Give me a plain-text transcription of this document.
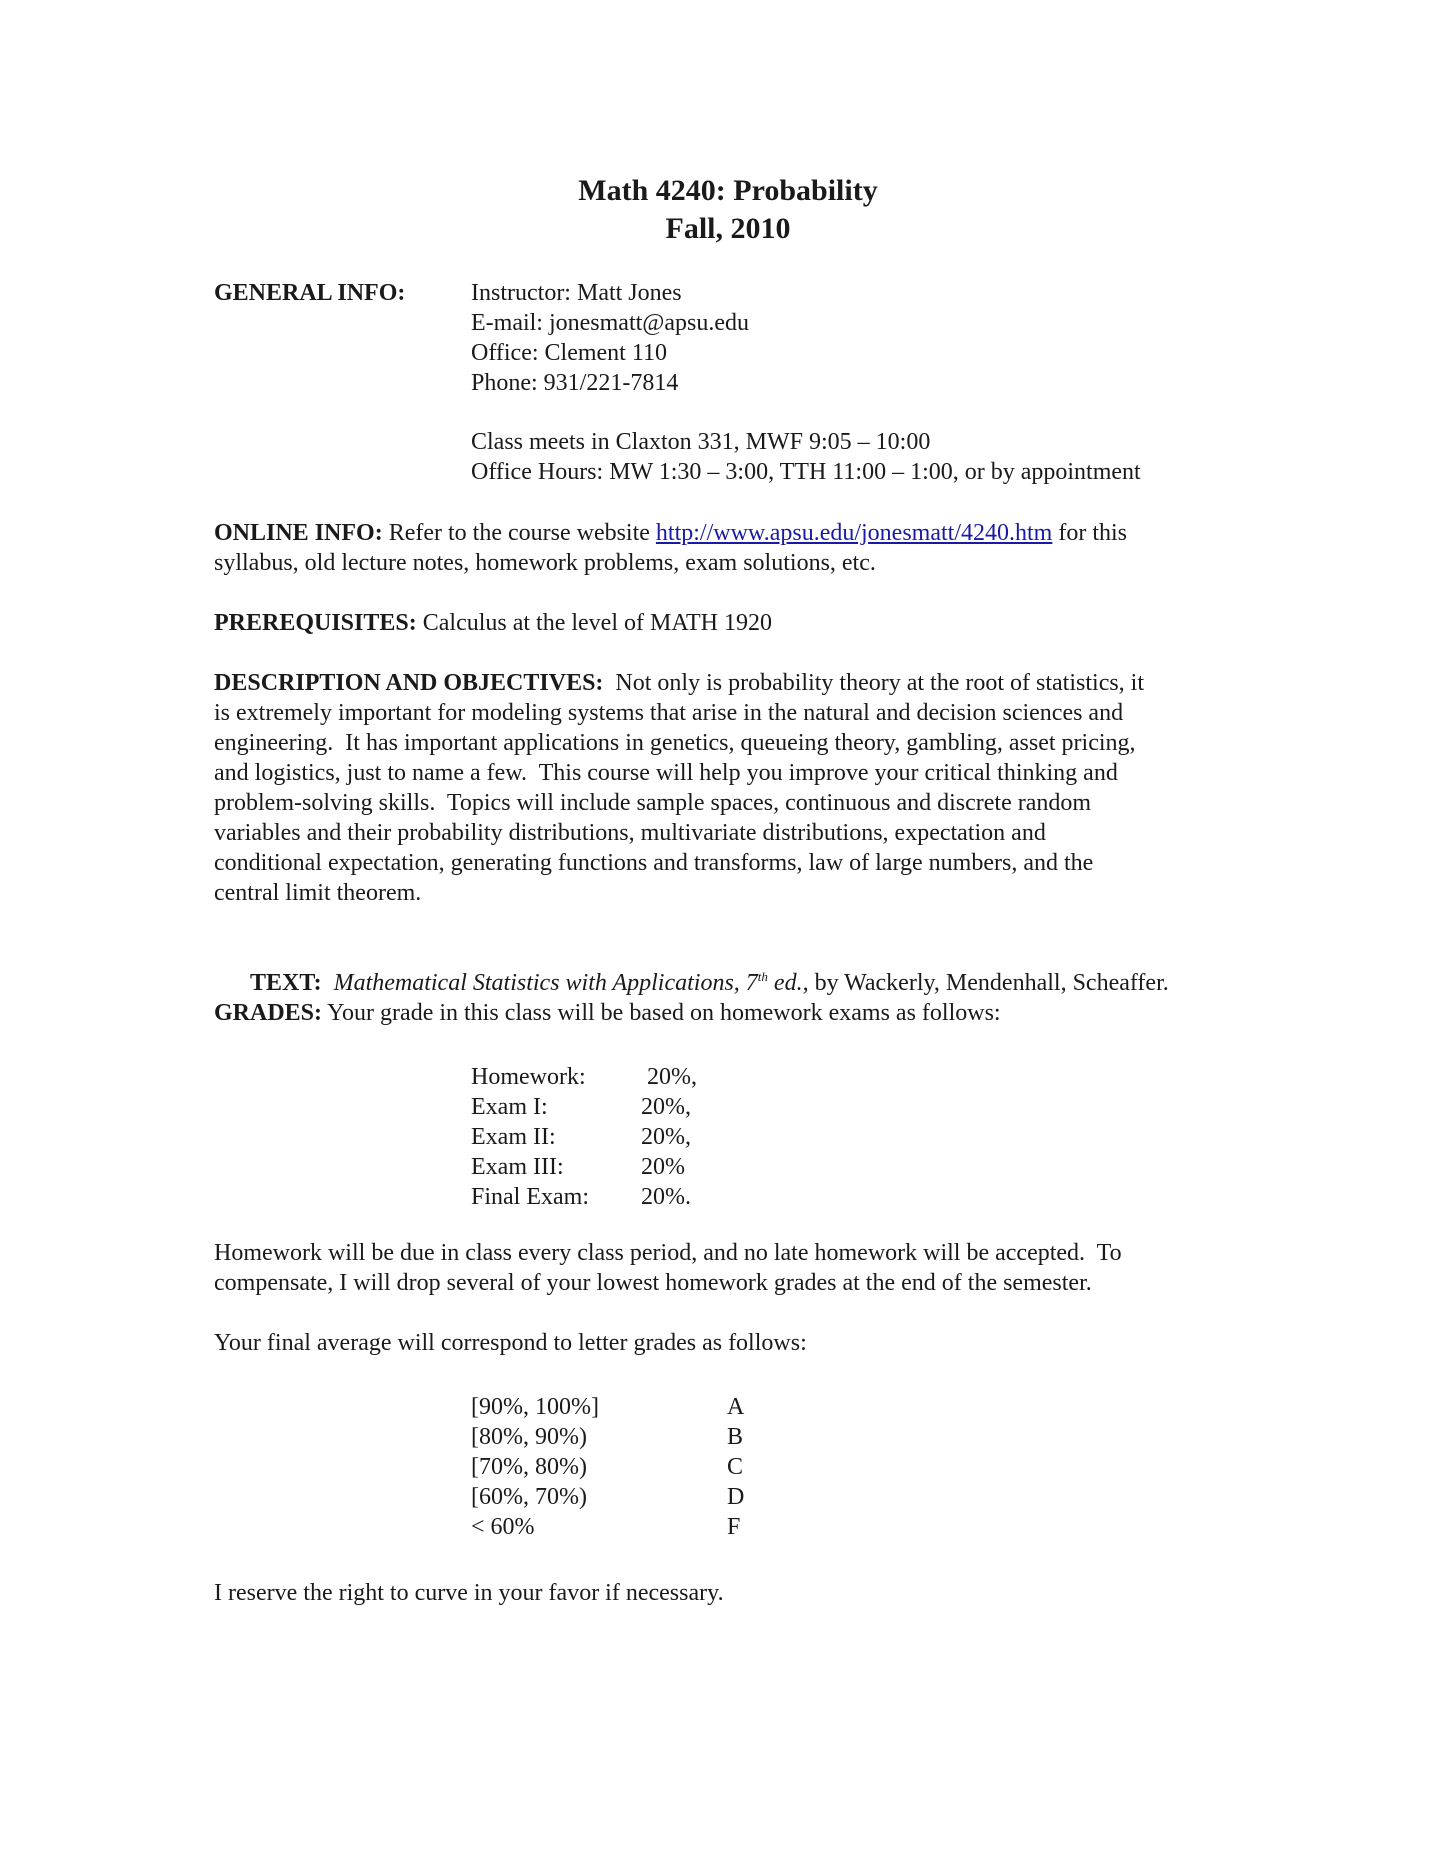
Math 4240: Probability
Fall, 2010
GENERAL INFO:	Instructor: Matt Jones
E-mail: jonesmatt@apsu.edu
Office: Clement 110
Phone: 931/221-7814
Class meets in Claxton 331, MWF 9:05 – 10:00
Office Hours: MW 1:30 – 3:00, TTH 11:00 – 1:00, or by appointment
ONLINE INFO: Refer to the course website http://www.apsu.edu/jonesmatt/4240.htm for this
syllabus, old lecture notes, homework problems, exam solutions, etc.
PREREQUISITES: Calculus at the level of MATH 1920
DESCRIPTION AND OBJECTIVES:  Not only is probability theory at the root of statistics, it
is extremely important for modeling systems that arise in the natural and decision sciences and
engineering.  It has important applications in genetics, queueing theory, gambling, asset pricing,
and logistics, just to name a few.  This course will help you improve your critical thinking and
problem-solving skills.  Topics will include sample spaces, continuous and discrete random
variables and their probability distributions, multivariate distributions, expectation and
conditional expectation, generating functions and transforms, law of large numbers, and the
central limit theorem.

TEXT: Mathematical Statistics with Applications, 7th ed., by Wackerly, Mendenhall, Scheaffer.

GRADES: Your grade in this class will be based on homework exams as follows:
Homework: 20%,
Exam I:	20%,
Exam II:	20%,
Exam III:	20%
Final Exam: 20%.
Homework will be due in class every class period, and no late homework will be accepted.  To
compensate, I will drop several of your lowest homework grades at the end of the semester.
Your final average will correspond to letter grades as follows:
[90%, 100%]	A
[80%, 90%)	B
[70%, 80%)	C
[60%, 70%)	D
< 60%	F
I reserve the right to curve in your favor if necessary.
